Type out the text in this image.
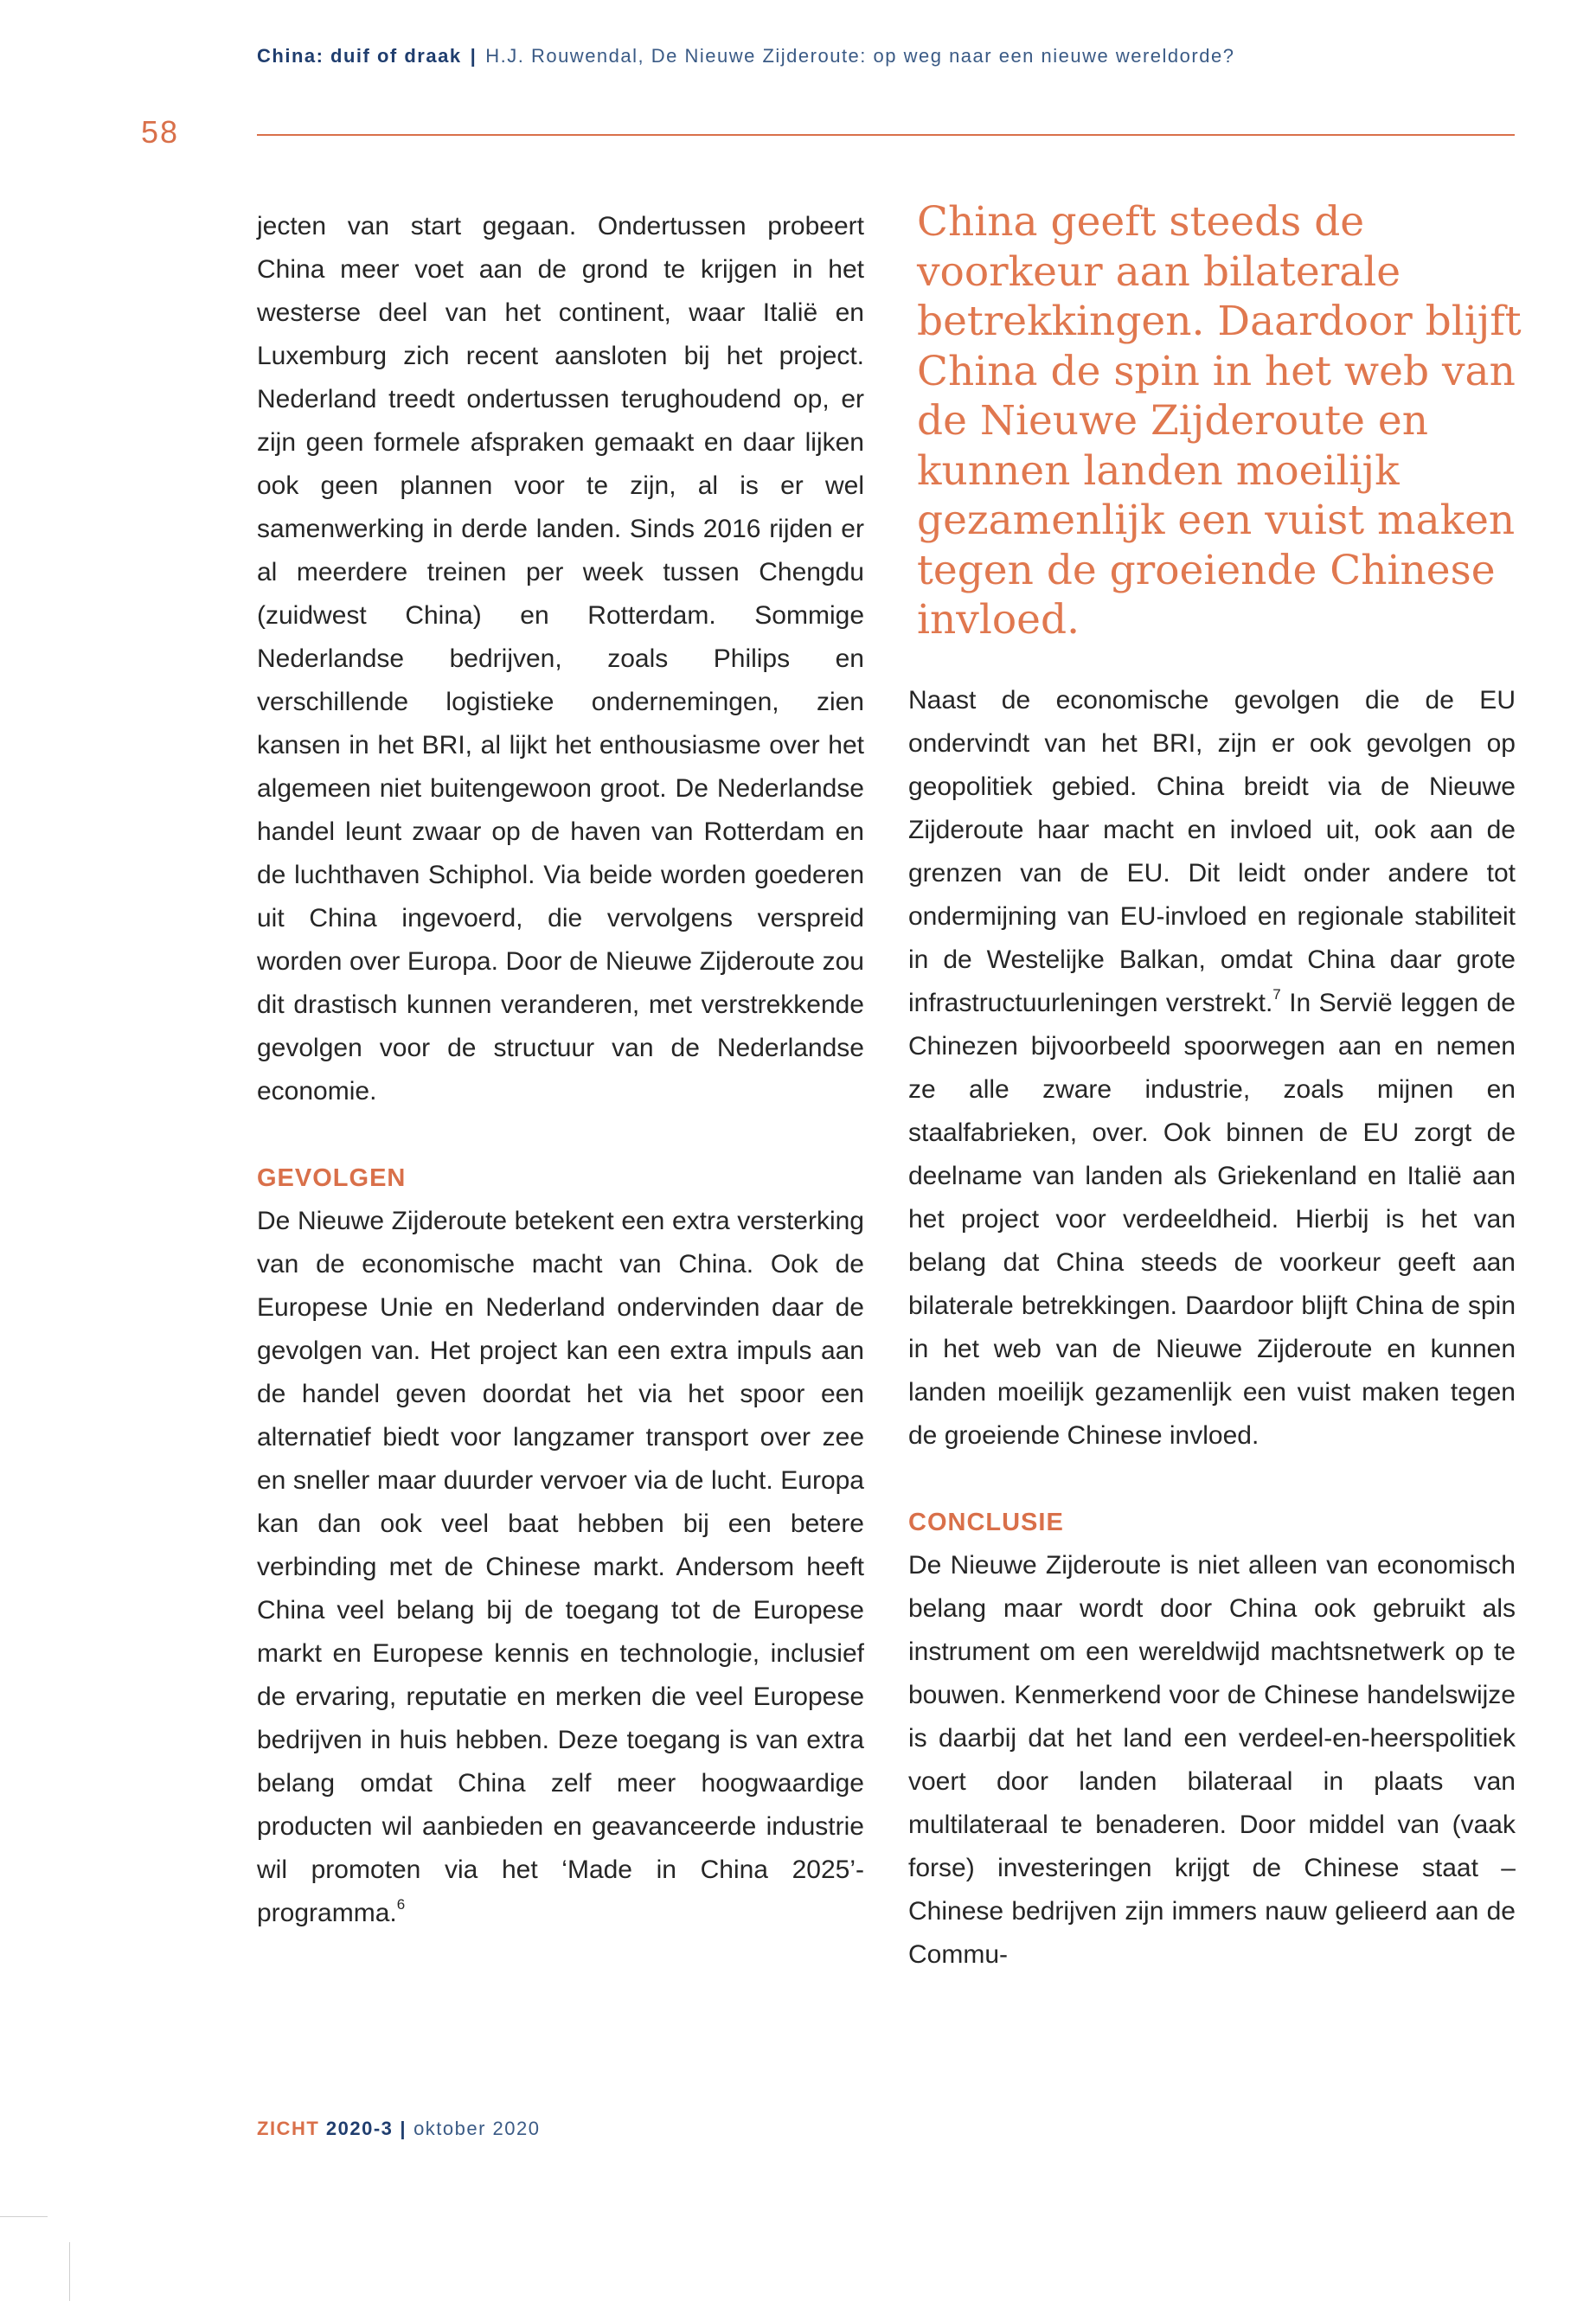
China: duif of draak | H.J. Rouwendal, De Nieuwe Zijderoute: op weg naar een nieuwe wereldorde?
58

jecten van start gegaan. Ondertussen probeert China meer voet aan de grond te krijgen in het westerse deel van het continent, waar Italië en Luxemburg zich recent aansloten bij het project. Nederland treedt ondertussen terughoudend op, er zijn geen formele afspraken gemaakt en daar lijken ook geen plannen voor te zijn, al is er wel samenwerking in derde landen. Sinds 2016 rijden er al meerdere treinen per week tussen Chengdu (zuidwest China) en Rotterdam. Sommige Nederlandse bedrijven, zoals Philips en verschillende logistieke ondernemingen, zien kansen in het BRI, al lijkt het enthousiasme over het algemeen niet buitengewoon groot. De Nederlandse handel leunt zwaar op de haven van Rotterdam en de luchthaven Schiphol. Via beide worden goederen uit China ingevoerd, die vervolgens verspreid worden over Europa. Door de Nieuwe Zijderoute zou dit drastisch kunnen veranderen, met verstrekkende gevolgen voor de structuur van de Nederlandse economie.

GEVOLGEN

De Nieuwe Zijderoute betekent een extra versterking van de economische macht van China. Ook de Europese Unie en Nederland ondervinden daar de gevolgen van. Het project kan een extra impuls aan de handel geven doordat het via het spoor een alternatief biedt voor langzamer transport over zee en sneller maar duurder vervoer via de lucht. Europa kan dan ook veel baat hebben bij een betere verbinding met de Chinese markt. Andersom heeft China veel belang bij de toegang tot de Europese markt en Europese kennis en technologie, inclusief de ervaring, reputatie en merken die veel Europese bedrijven in huis hebben. Deze toegang is van extra belang omdat China zelf meer hoogwaardige producten wil aanbieden en geavanceerde industrie wil promoten via het ‘Made in China 2025’-programma.$^6$

China geeft steeds de voorkeur aan bilaterale betrekkingen. Daardoor blijft China de spin in het web van de Nieuwe Zijderoute en kunnen landen moeilijk gezamenlijk een vuist maken tegen de groeiende Chinese invloed.

Naast de economische gevolgen die de EU ondervindt van het BRI, zijn er ook gevolgen op geopolitiek gebied. China breidt via de Nieuwe Zijderoute haar macht en invloed uit, ook aan de grenzen van de EU. Dit leidt onder andere tot ondermijning van EU-invloed en regionale stabiliteit in de Westelijke Balkan, omdat China daar grote infrastructuurleningen verstrekt.$^7$ In Servië leggen de Chinezen bijvoorbeeld spoorwegen aan en nemen ze alle zware industrie, zoals mijnen en staalfabrieken, over. Ook binnen de EU zorgt de deelname van landen als Griekenland en Italië aan het project voor verdeeldheid. Hierbij is het van belang dat China steeds de voorkeur geeft aan bilaterale betrekkingen. Daardoor blijft China de spin in het web van de Nieuwe Zijderoute en kunnen landen moeilijk gezamenlijk een vuist maken tegen de groeiende Chinese invloed.

CONCLUSIE

De Nieuwe Zijderoute is niet alleen van economisch belang maar wordt door China ook gebruikt als instrument om een wereldwijd machtsnetwerk op te bouwen. Kenmerkend voor de Chinese handelswijze is daarbij dat het land een verdeel-en-heerspolitiek voert door landen bilateraal in plaats van multilateraal te benaderen. Door middel van (vaak forse) investeringen krijgt de Chinese staat – Chinese bedrijven zijn immers nauw gelieerd aan de Commu-

ZICHT 2020-3 | oktober 2020
